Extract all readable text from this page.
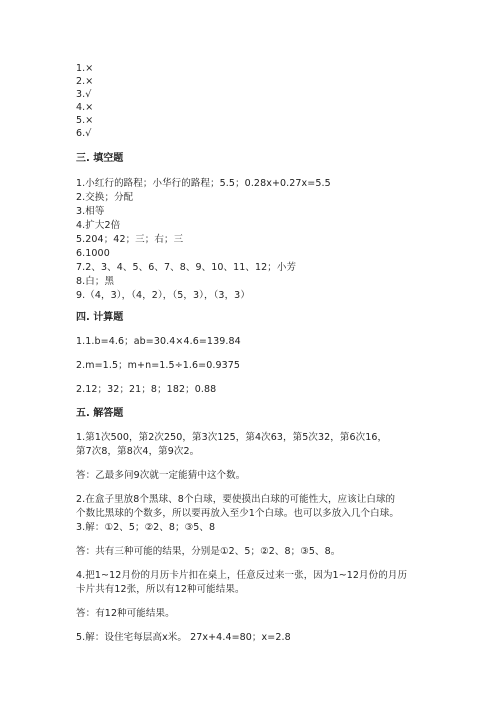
1.×
2.×
3.√
4.×
5.×
6.√
三. 填空题
1.小红行的路程；小华行的路程；5.5；0.28x+0.27x=5.5
2.交换；分配
3.相等
4.扩大2倍
5.204；42；三；右；三
6.1000
7.2、3、4、5、6、7、8、9、10、11、12；小芳
8.白；黑
9.（4，3），（4，2），（5，3），（3，3）
四. 计算题
1.1.b=4.6；ab=30.4×4.6=139.84
2.m=1.5；m+n=1.5÷1.6=0.9375
2.12；32；21；8；182；0.88
五. 解答题
1.第1次500，第2次250，第3次125，第4次63，第5次32，第6次16，
第7次8，第8次4，第9次2。
答：乙最多问9次就一定能猜中这个数。
2.在盒子里放8个黑球、8个白球，要使摸出白球的可能性大，应该让白球的
个数比黑球的个数多，所以要再放入至少1个白球。也可以多放入几个白球。
3.解：①2、5；②2、8；③5、8
答：共有三种可能的结果，分别是①2、5；②2、8；③5、8。
4.把1~12月份的月历卡片扣在桌上，任意反过来一张，因为1~12月份的月历
卡片共有12张，所以有12种可能结果。
答：有12种可能结果。
5.解：设住宅每层高x米。 27x+4.4=80；x=2.8
